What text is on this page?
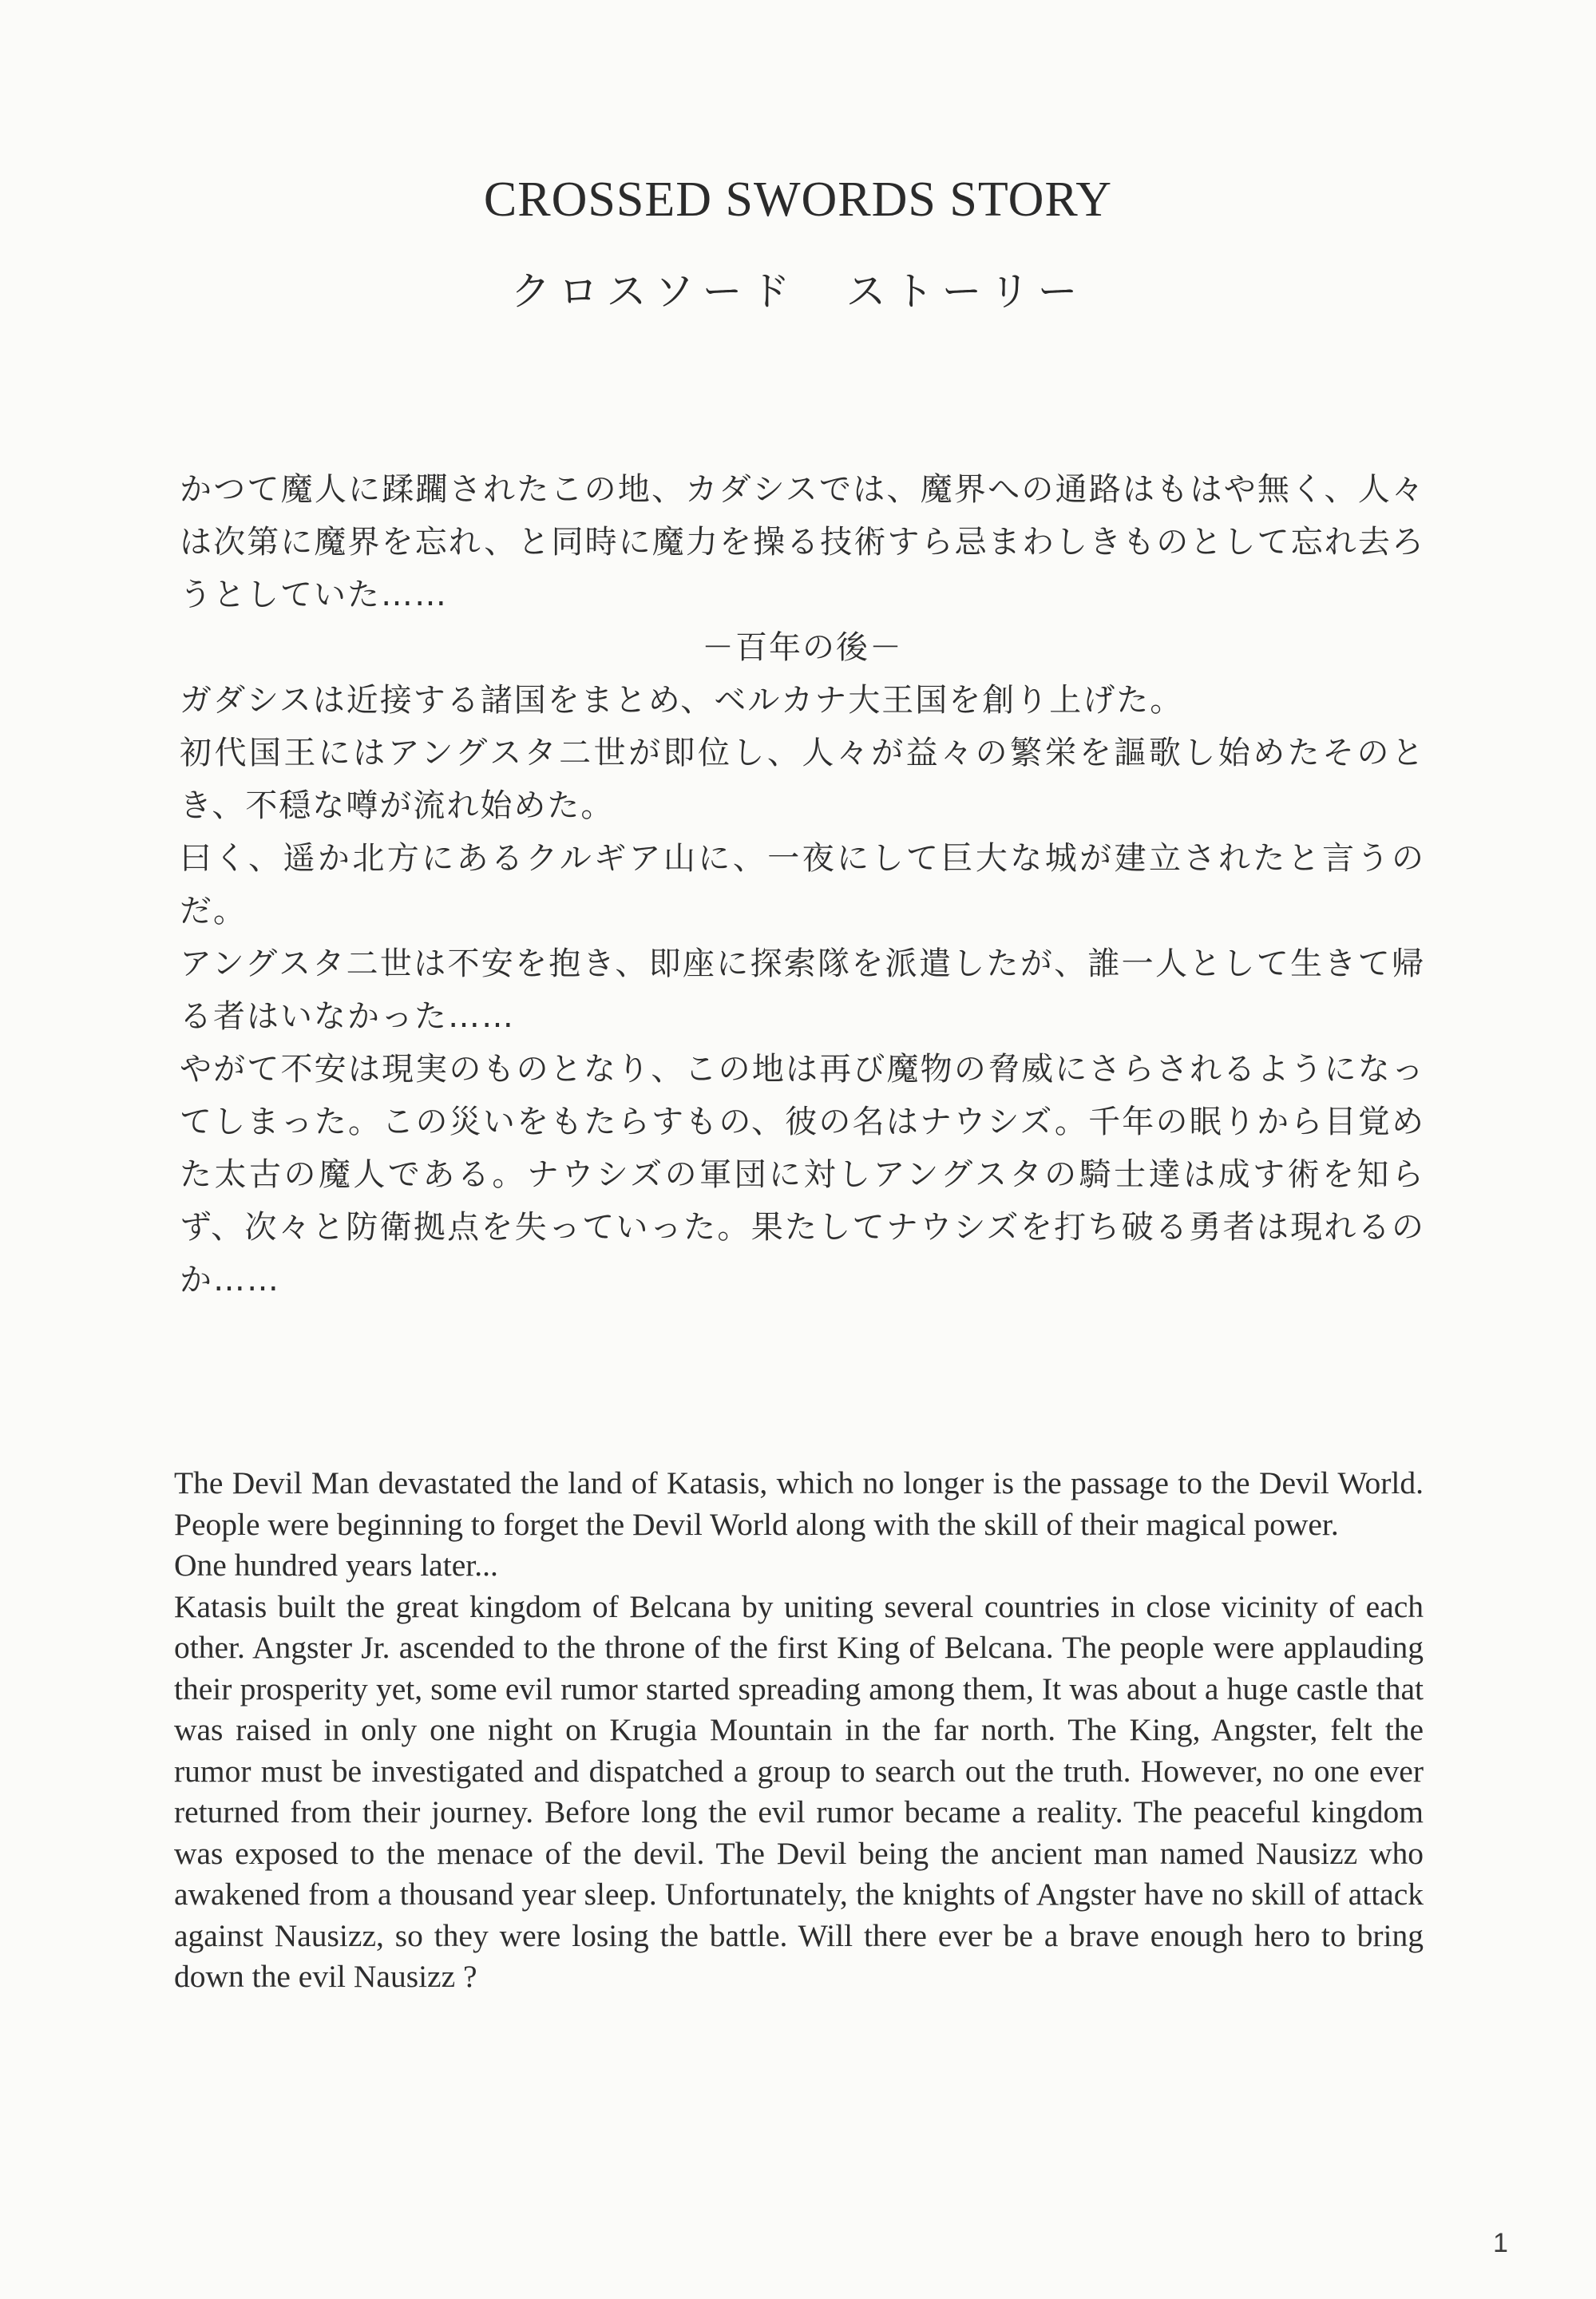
CROSSED SWORDS STORY
クロスソード　ストーリー

かつて魔人に蹂躙されたこの地、カダシスでは、魔界への通路はもはや無く、人々は次第に魔界を忘れ、と同時に魔力を操る技術すら忌まわしきものとして忘れ去ろうとしていた……

－百年の後－

ガダシスは近接する諸国をまとめ、ベルカナ大王国を創り上げた。

初代国王にはアングスタ二世が即位し、人々が益々の繁栄を謳歌し始めたそのとき、不穏な噂が流れ始めた。

曰く、遥か北方にあるクルギア山に、一夜にして巨大な城が建立されたと言うのだ。

アングスタ二世は不安を抱き、即座に探索隊を派遣したが、誰一人として生きて帰る者はいなかった……

やがて不安は現実のものとなり、この地は再び魔物の脅威にさらされるようになってしまった。この災いをもたらすもの、彼の名はナウシズ。千年の眠りから目覚めた太古の魔人である。ナウシズの軍団に対しアングスタの騎士達は成す術を知らず、次々と防衛拠点を失っていった。果たしてナウシズを打ち破る勇者は現れるのか……

The Devil Man devastated the land of Katasis, which no longer is the passage to the Devil World. People were beginning to forget the Devil World along with the skill of their magical power.

One hundred years later...

Katasis built the great kingdom of Belcana by uniting several countries in close vicinity of each other. Angster Jr. ascended to the throne of the first King of Belcana. The people were applauding their prosperity yet, some evil rumor started spreading among them, It was about a huge castle that was raised in only one night on Krugia Mountain in the far north. The King, Angster, felt the rumor must be investigated and dispatched a group to search out the truth. However, no one ever returned from their journey. Before long the evil rumor became a reality. The peaceful kingdom was exposed to the menace of the devil. The Devil being the ancient man named Nausizz who awakened from a thousand year sleep. Unfortunately, the knights of Angster have no skill of attack against Nausizz, so they were losing the battle. Will there ever be a brave enough hero to bring down the evil Nausizz ?

1
